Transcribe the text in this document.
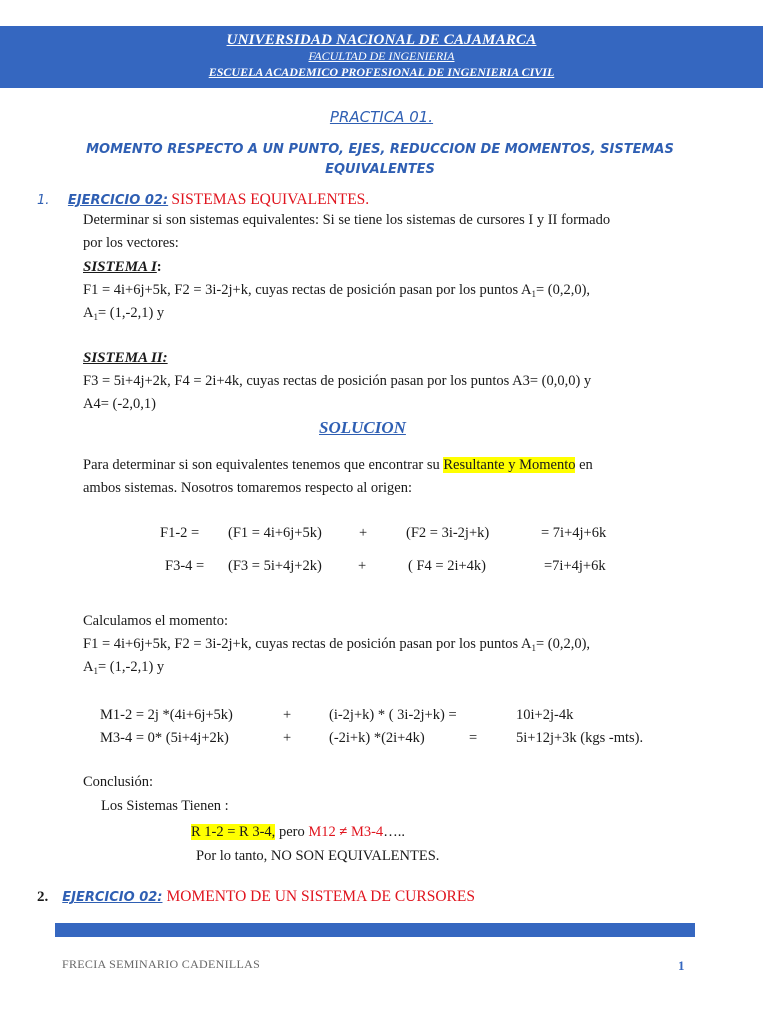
UNIVERSIDAD NACIONAL DE CAJAMARCA
FACULTAD DE INGENIERIA
ESCUELA ACADEMICO PROFESIONAL DE INGENIERIA CIVIL
PRACTICA 01.
MOMENTO RESPECTO A UN PUNTO, EJES, REDUCCION DE MOMENTOS, SISTEMAS EQUIVALENTES
1. EJERCICIO 02: SISTEMAS EQUIVALENTES.
Determinar si son sistemas equivalentes: Si se tiene los sistemas de cursores I y II formado
por los vectores:
SISTEMA I:
F1 = 4i+6j+5k, F2 = 3i-2j+k, cuyas rectas de posición pasan por los puntos $A_1= (0,2,0)$,
$A_1= (1,-2,1)$ y
SISTEMA II:
F3 = 5i+4j+2k, F4 = 2i+4k, cuyas rectas de posición pasan por los puntos A3= (0,0,0) y
A4= (-2,0,1)
SOLUCION
Para determinar si son equivalentes tenemos que encontrar su Resultante y Momento en
ambos sistemas. Nosotros tomaremos respecto al origen:
F1-2 = (F1 = 4i+6j+5k)	+	(F2 = 3i-2j+k)	= 7i+4j+6k
F3-4 = (F3 = 5i+4j+2k) +	( F4 = 2i+4k)	=7i+4j+6k
Calculamos el momento:
F1 = 4i+6j+5k, F2 = 3i-2j+k, cuyas rectas de posición pasan por los puntos $A_1= (0,2,0)$,
$A_1= (1,-2,1)$ y
M1-2 = 2j *(4i+6j+5k)	+	(i-2j+k) * ( 3i-2j+k) =	10i+2j-4k
M3-4 = 0* (5i+4j+2k)	+	(-2i+k) *(2i+4k)	=	5i+12j+3k (kgs -mts).
Conclusión:
Los Sistemas Tienen :
R 1-2 = R 3-4, pero M12 ≠ M3-4…..
Por lo tanto, NO SON EQUIVALENTES.
2. EJERCICIO 02: MOMENTO DE UN SISTEMA DE CURSORES
FRECIA SEMINARIO CADENILLAS	1
